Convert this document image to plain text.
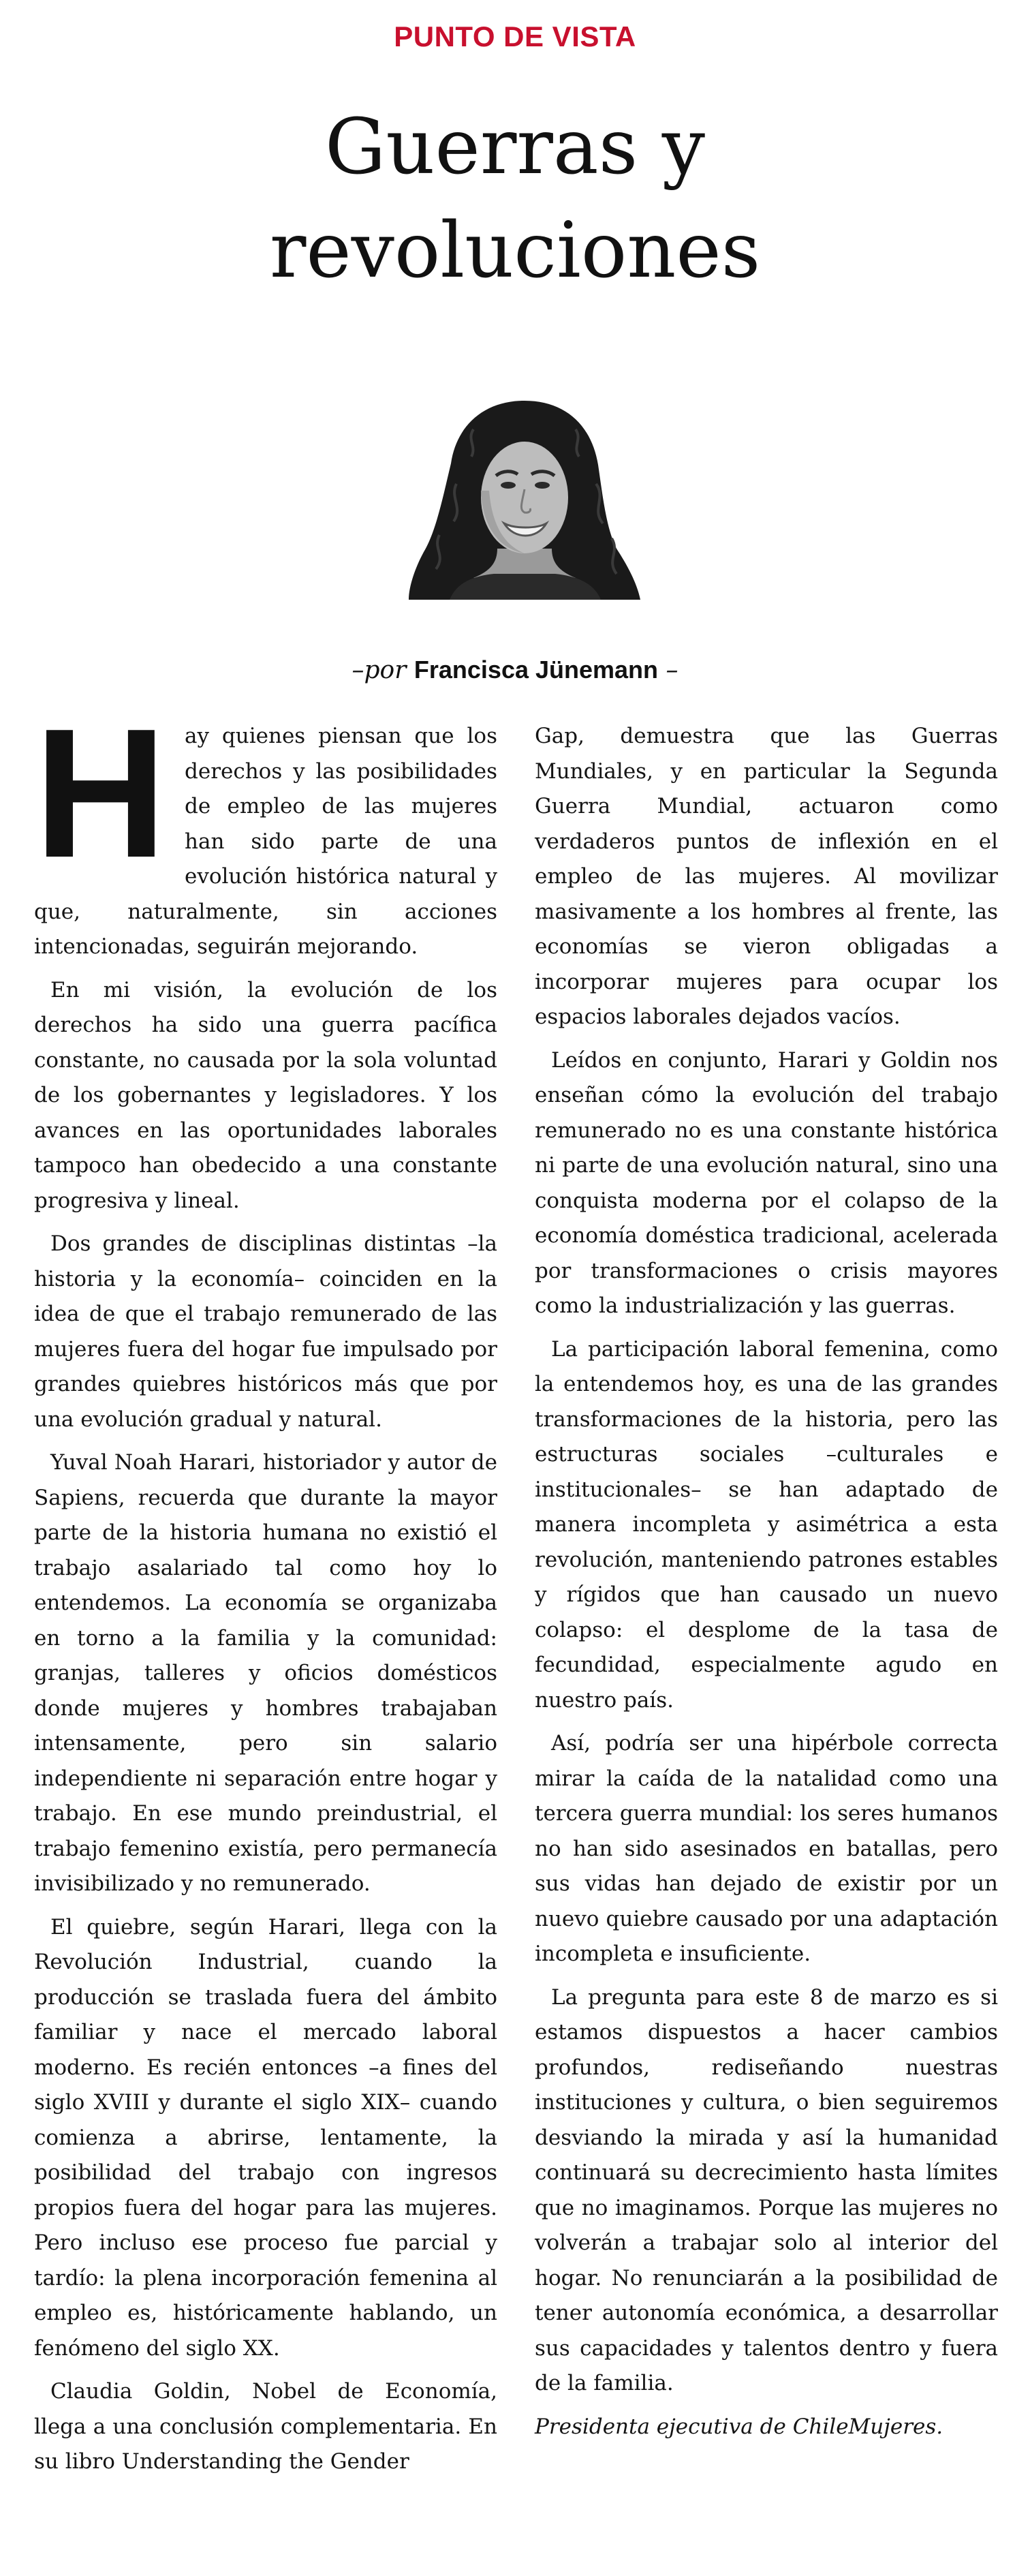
PUNTO DE VISTA
Guerras y
revoluciones
–por Francisca Jünemann –

Hay quienes piensan que los derechos y las posibilidades de empleo de las mujeres han sido parte de una evolución histórica natural y que, naturalmente, sin acciones intencionadas, seguirán mejorando.

En mi visión, la evolución de los derechos ha sido una guerra pacífica constante, no causada por la sola voluntad de los gobernantes y legisladores. Y los avances en las oportunidades laborales tampoco han obedecido a una constante progresiva y lineal.

Dos grandes de disciplinas distintas –la historia y la economía– coinciden en la idea de que el trabajo remunerado de las mujeres fuera del hogar fue impulsado por grandes quiebres históricos más que por una evolución gradual y natural.

Yuval Noah Harari, historiador y autor de Sapiens, recuerda que durante la mayor parte de la historia humana no existió el trabajo asalariado tal como hoy lo entendemos. La economía se organizaba en torno a la familia y la comunidad: granjas, talleres y oficios domésticos donde mujeres y hombres trabajaban intensamente, pero sin salario independiente ni separación entre hogar y trabajo. En ese mundo preindustrial, el trabajo femenino existía, pero permanecía invisibilizado y no remunerado.

El quiebre, según Harari, llega con la Revolución Industrial, cuando la producción se traslada fuera del ámbito familiar y nace el mercado laboral moderno. Es recién entonces –a fines del siglo XVIII y durante el siglo XIX– cuando comienza a abrirse, lentamente, la posibilidad del trabajo con ingresos propios fuera del hogar para las mujeres. Pero incluso ese proceso fue parcial y tardío: la plena incorporación femenina al empleo es, históricamente hablando, un fenómeno del siglo XX.

Claudia Goldin, Nobel de Economía, llega a una conclusión complementaria. En su libro Understanding the Gender

Gap, demuestra que las Guerras Mundiales, y en particular la Segunda Guerra Mundial, actuaron como verdaderos puntos de inflexión en el empleo de las mujeres. Al movilizar masivamente a los hombres al frente, las economías se vieron obligadas a incorporar mujeres para ocupar los espacios laborales dejados vacíos.

Leídos en conjunto, Harari y Goldin nos enseñan cómo la evolución del trabajo remunerado no es una constante histórica ni parte de una evolución natural, sino una conquista moderna por el colapso de la economía doméstica tradicional, acelerada por transformaciones o crisis mayores como la industrialización y las guerras.

La participación laboral femenina, como la entendemos hoy, es una de las grandes transformaciones de la historia, pero las estructuras sociales –culturales e institucionales– se han adaptado de manera incompleta y asimétrica a esta revolución, manteniendo patrones estables y rígidos que han causado un nuevo colapso: el desplome de la tasa de fecundidad, especialmente agudo en nuestro país.

Así, podría ser una hipérbole correcta mirar la caída de la natalidad como una tercera guerra mundial: los seres humanos no han sido asesinados en batallas, pero sus vidas han dejado de existir por un nuevo quiebre causado por una adaptación incompleta e insuficiente.

La pregunta para este 8 de marzo es si estamos dispuestos a hacer cambios profundos, rediseñando nuestras instituciones y cultura, o bien seguiremos desviando la mirada y así la humanidad continuará su decrecimiento hasta límites que no imaginamos. Porque las mujeres no volverán a trabajar solo al interior del hogar. No renunciarán a la posibilidad de tener autonomía económica, a desarrollar sus capacidades y talentos dentro y fuera de la familia.

Presidenta ejecutiva de ChileMujeres.
